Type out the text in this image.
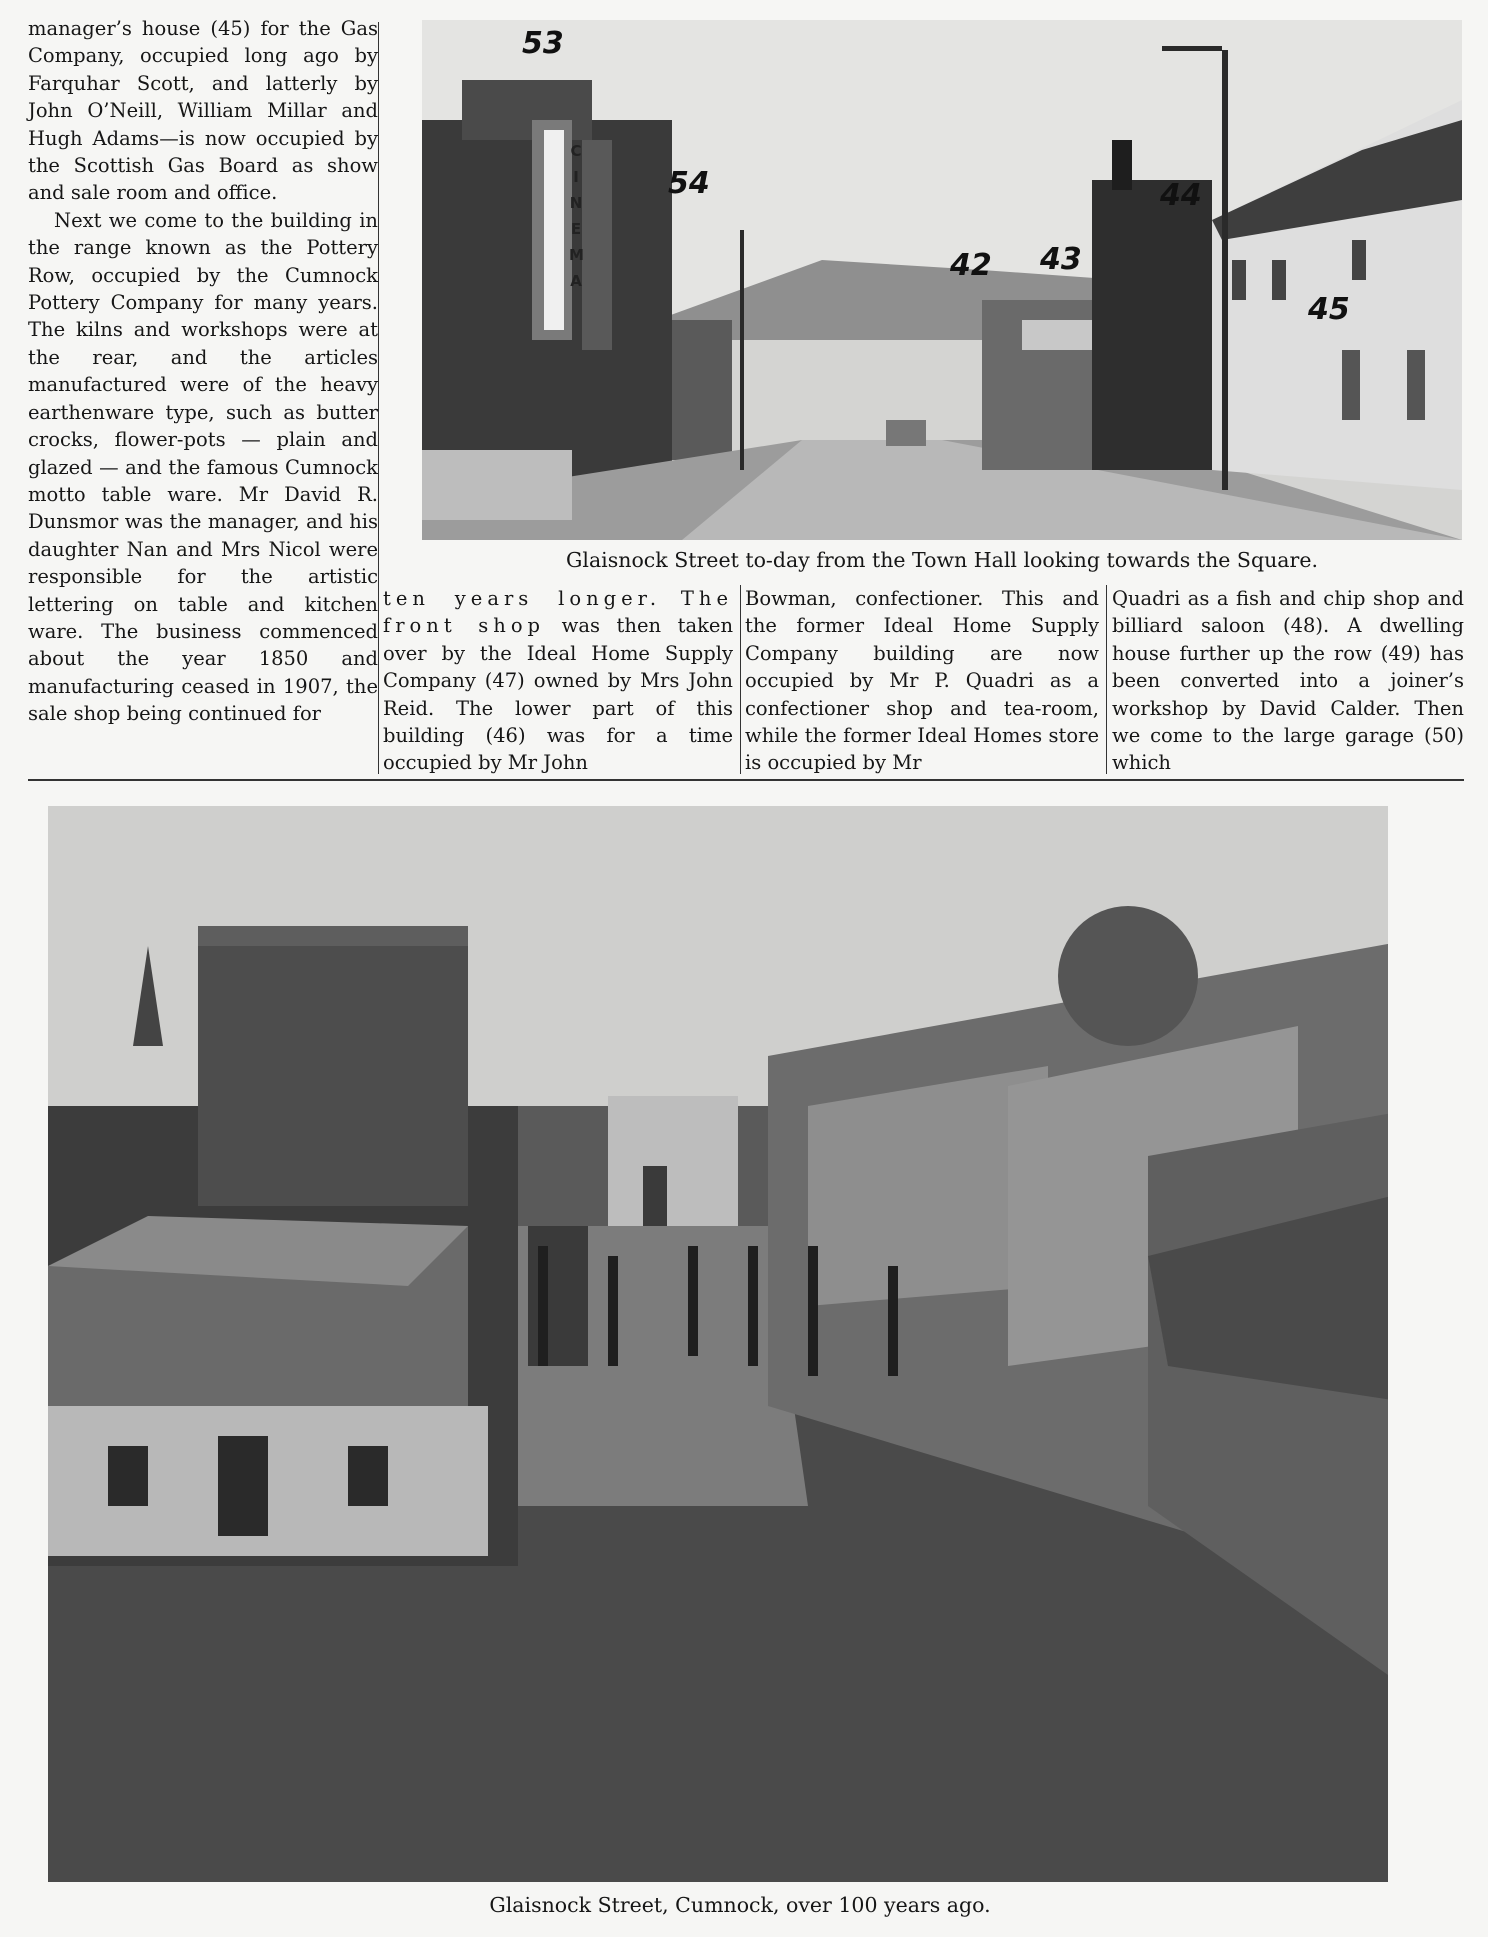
manager’s house (45) for the Gas Company, occupied long ago by Farquhar Scott, and latterly by John O’Neill, William Millar and Hugh Adams—is now occupied by the Scottish Gas Board as show and sale room and office.

Next we come to the building in the range known as the Pottery Row, occupied by the Cumnock Pottery Company for many years. The kilns and workshops were at the rear, and the articles manufactured were of the heavy earthenware type, such as butter crocks, flower-pots — plain and glazed — and the famous Cumnock motto table ware. Mr David R. Dunsmor was the manager, and his daughter Nan and Mrs Nicol were responsible for the artistic lettering on table and kitchen ware. The business commenced about the year 1850 and manufacturing ceased in 1907, the sale shop being continued for

CINEMA
53
54
42 43
44
45
Glaisnock Street to-day from the Town Hall looking towards the Square.

ten years longer. The front shop was then taken over by the Ideal Home Supply Company (47) owned by Mrs John Reid. The lower part of this building (46) was for a time occupied by Mr John

Bowman, confectioner. This and the former Ideal Home Supply Company building are now occupied by Mr P. Quadri as a confectioner shop and tea-room, while the former Ideal Homes store is occupied by Mr

Quadri as a fish and chip shop and billiard saloon (48). A dwelling house further up the row (49) has been converted into a joiner’s workshop by David Calder. Then we come to the large garage (50) which

Glaisnock Street, Cumnock, over 100 years ago.
